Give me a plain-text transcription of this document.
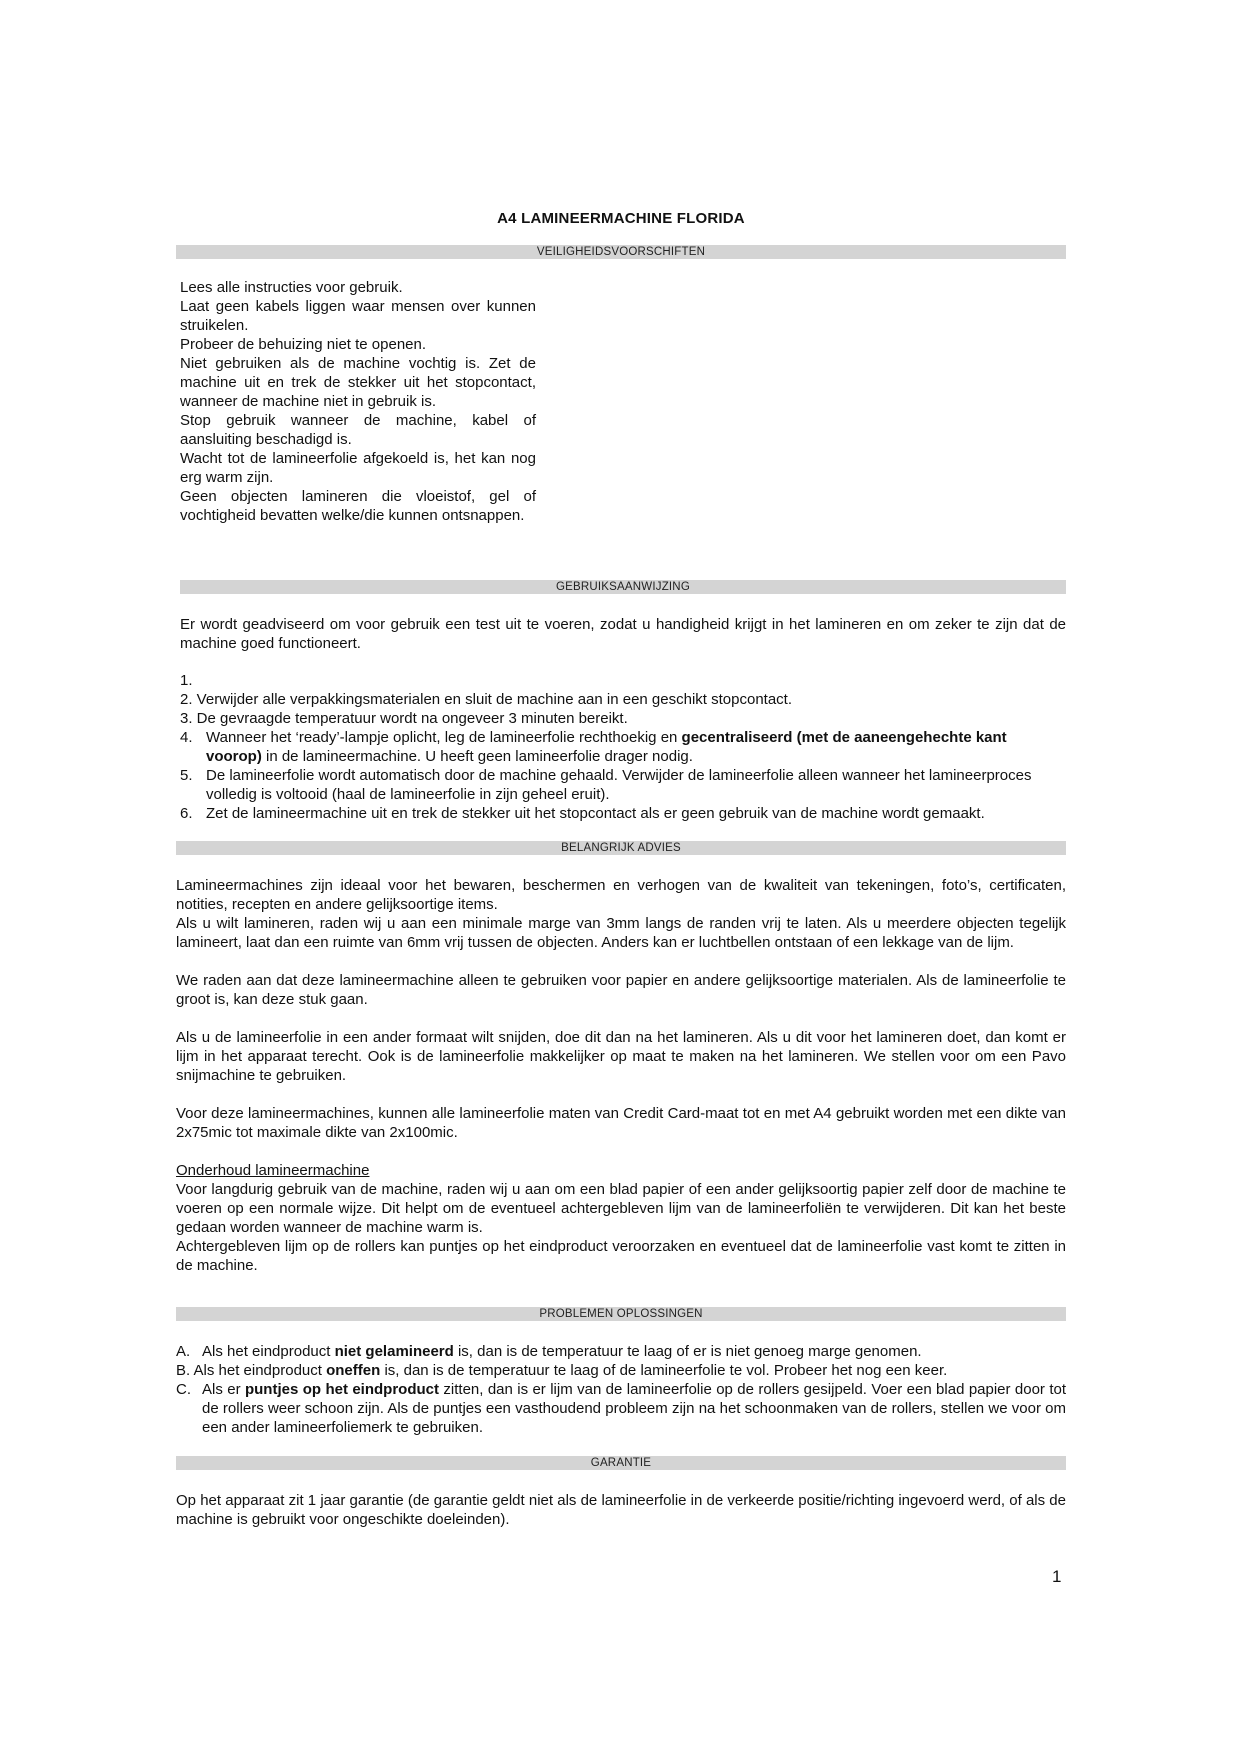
A4 LAMINEERMACHINE FLORIDA
VEILIGHEIDSVOORSCHIFTEN

Lees alle instructies voor gebruik.

Laat geen kabels liggen waar mensen over kunnen struikelen.

Probeer de behuizing niet te openen.

Niet gebruiken als de machine vochtig is. Zet de machine uit en trek de stekker uit het stopcontact, wanneer de machine niet in gebruik is.

Stop gebruik wanneer de machine, kabel of aansluiting beschadigd is.

Wacht tot de lamineerfolie afgekoeld is, het kan nog erg warm zijn.

Geen objecten lamineren die vloeistof, gel of vochtigheid bevatten welke/die kunnen ontsnappen.

GEBRUIKSAANWIJZING
Er wordt geadviseerd om voor gebruik een test uit te voeren, zodat u handigheid krijgt in het lamineren en om zeker te zijn dat de machine goed functioneert.

1.

2. Verwijder alle verpakkingsmaterialen en sluit de machine aan in een geschikt stopcontact.

3. De gevraagde temperatuur wordt na ongeveer 3 minuten bereikt.

4. Wanneer het ‘ready’-lampje oplicht, leg de lamineerfolie rechthoekig en gecentraliseerd (met de aaneengehechte kant voorop) in de lamineermachine. U heeft geen lamineerfolie drager nodig.

5. De lamineerfolie wordt automatisch door de machine gehaald. Verwijder de lamineerfolie alleen wanneer het lamineerproces volledig is voltooid (haal de lamineerfolie in zijn geheel eruit).

6. Zet de lamineermachine uit en trek de stekker uit het stopcontact als er geen gebruik van de machine wordt gemaakt.

BELANGRIJK ADVIES

Lamineermachines zijn ideaal voor het bewaren, beschermen en verhogen van de kwaliteit van tekeningen, foto’s, certificaten, notities, recepten en andere gelijksoortige items.

Als u wilt lamineren, raden wij u aan een minimale marge van 3mm langs de randen vrij te laten. Als u meerdere objecten tegelijk lamineert, laat dan een ruimte van 6mm vrij tussen de objecten. Anders kan er luchtbellen ontstaan of een lekkage van de lijm.

We raden aan dat deze lamineermachine alleen te gebruiken voor papier en andere gelijksoortige materialen. Als de lamineerfolie te groot is, kan deze stuk gaan.

Als u de lamineerfolie in een ander formaat wilt snijden, doe dit dan na het lamineren. Als u dit voor het lamineren doet, dan komt er lijm in het apparaat terecht. Ook is de lamineerfolie makkelijker op maat te maken na het lamineren. We stellen voor om een Pavo snijmachine te gebruiken.

Voor deze lamineermachines, kunnen alle lamineerfolie maten van Credit Card-maat tot en met A4 gebruikt worden met een dikte van 2x75mic tot maximale dikte van 2x100mic.

Onderhoud lamineermachine

Voor langdurig gebruik van de machine, raden wij u aan om een blad papier of een ander gelijksoortig papier zelf door de machine te voeren op een normale wijze. Dit helpt om de eventueel achtergebleven lijm van de lamineerfoliën te verwijderen. Dit kan het beste gedaan worden wanneer de machine warm is.

Achtergebleven lijm op de rollers kan puntjes op het eindproduct veroorzaken en eventueel dat de lamineerfolie vast komt te zitten in de machine.

PROBLEMEN OPLOSSINGEN

A. Als het eindproduct niet gelamineerd is, dan is de temperatuur te laag of er is niet genoeg marge genomen.

B. Als het eindproduct oneffen is, dan is de temperatuur te laag of de lamineerfolie te vol. Probeer het nog een keer.

C. Als er puntjes op het eindproduct zitten, dan is er lijm van de lamineerfolie op de rollers gesijpeld. Voer een blad papier door tot de rollers weer schoon zijn. Als de puntjes een vasthoudend probleem zijn na het schoonmaken van de rollers, stellen we voor om een ander lamineerfoliemerk te gebruiken.

GARANTIE
Op het apparaat zit 1 jaar garantie (de garantie geldt niet als de lamineerfolie in de verkeerde positie/richting ingevoerd werd, of als de machine is gebruikt voor ongeschikte doeleinden).
1
